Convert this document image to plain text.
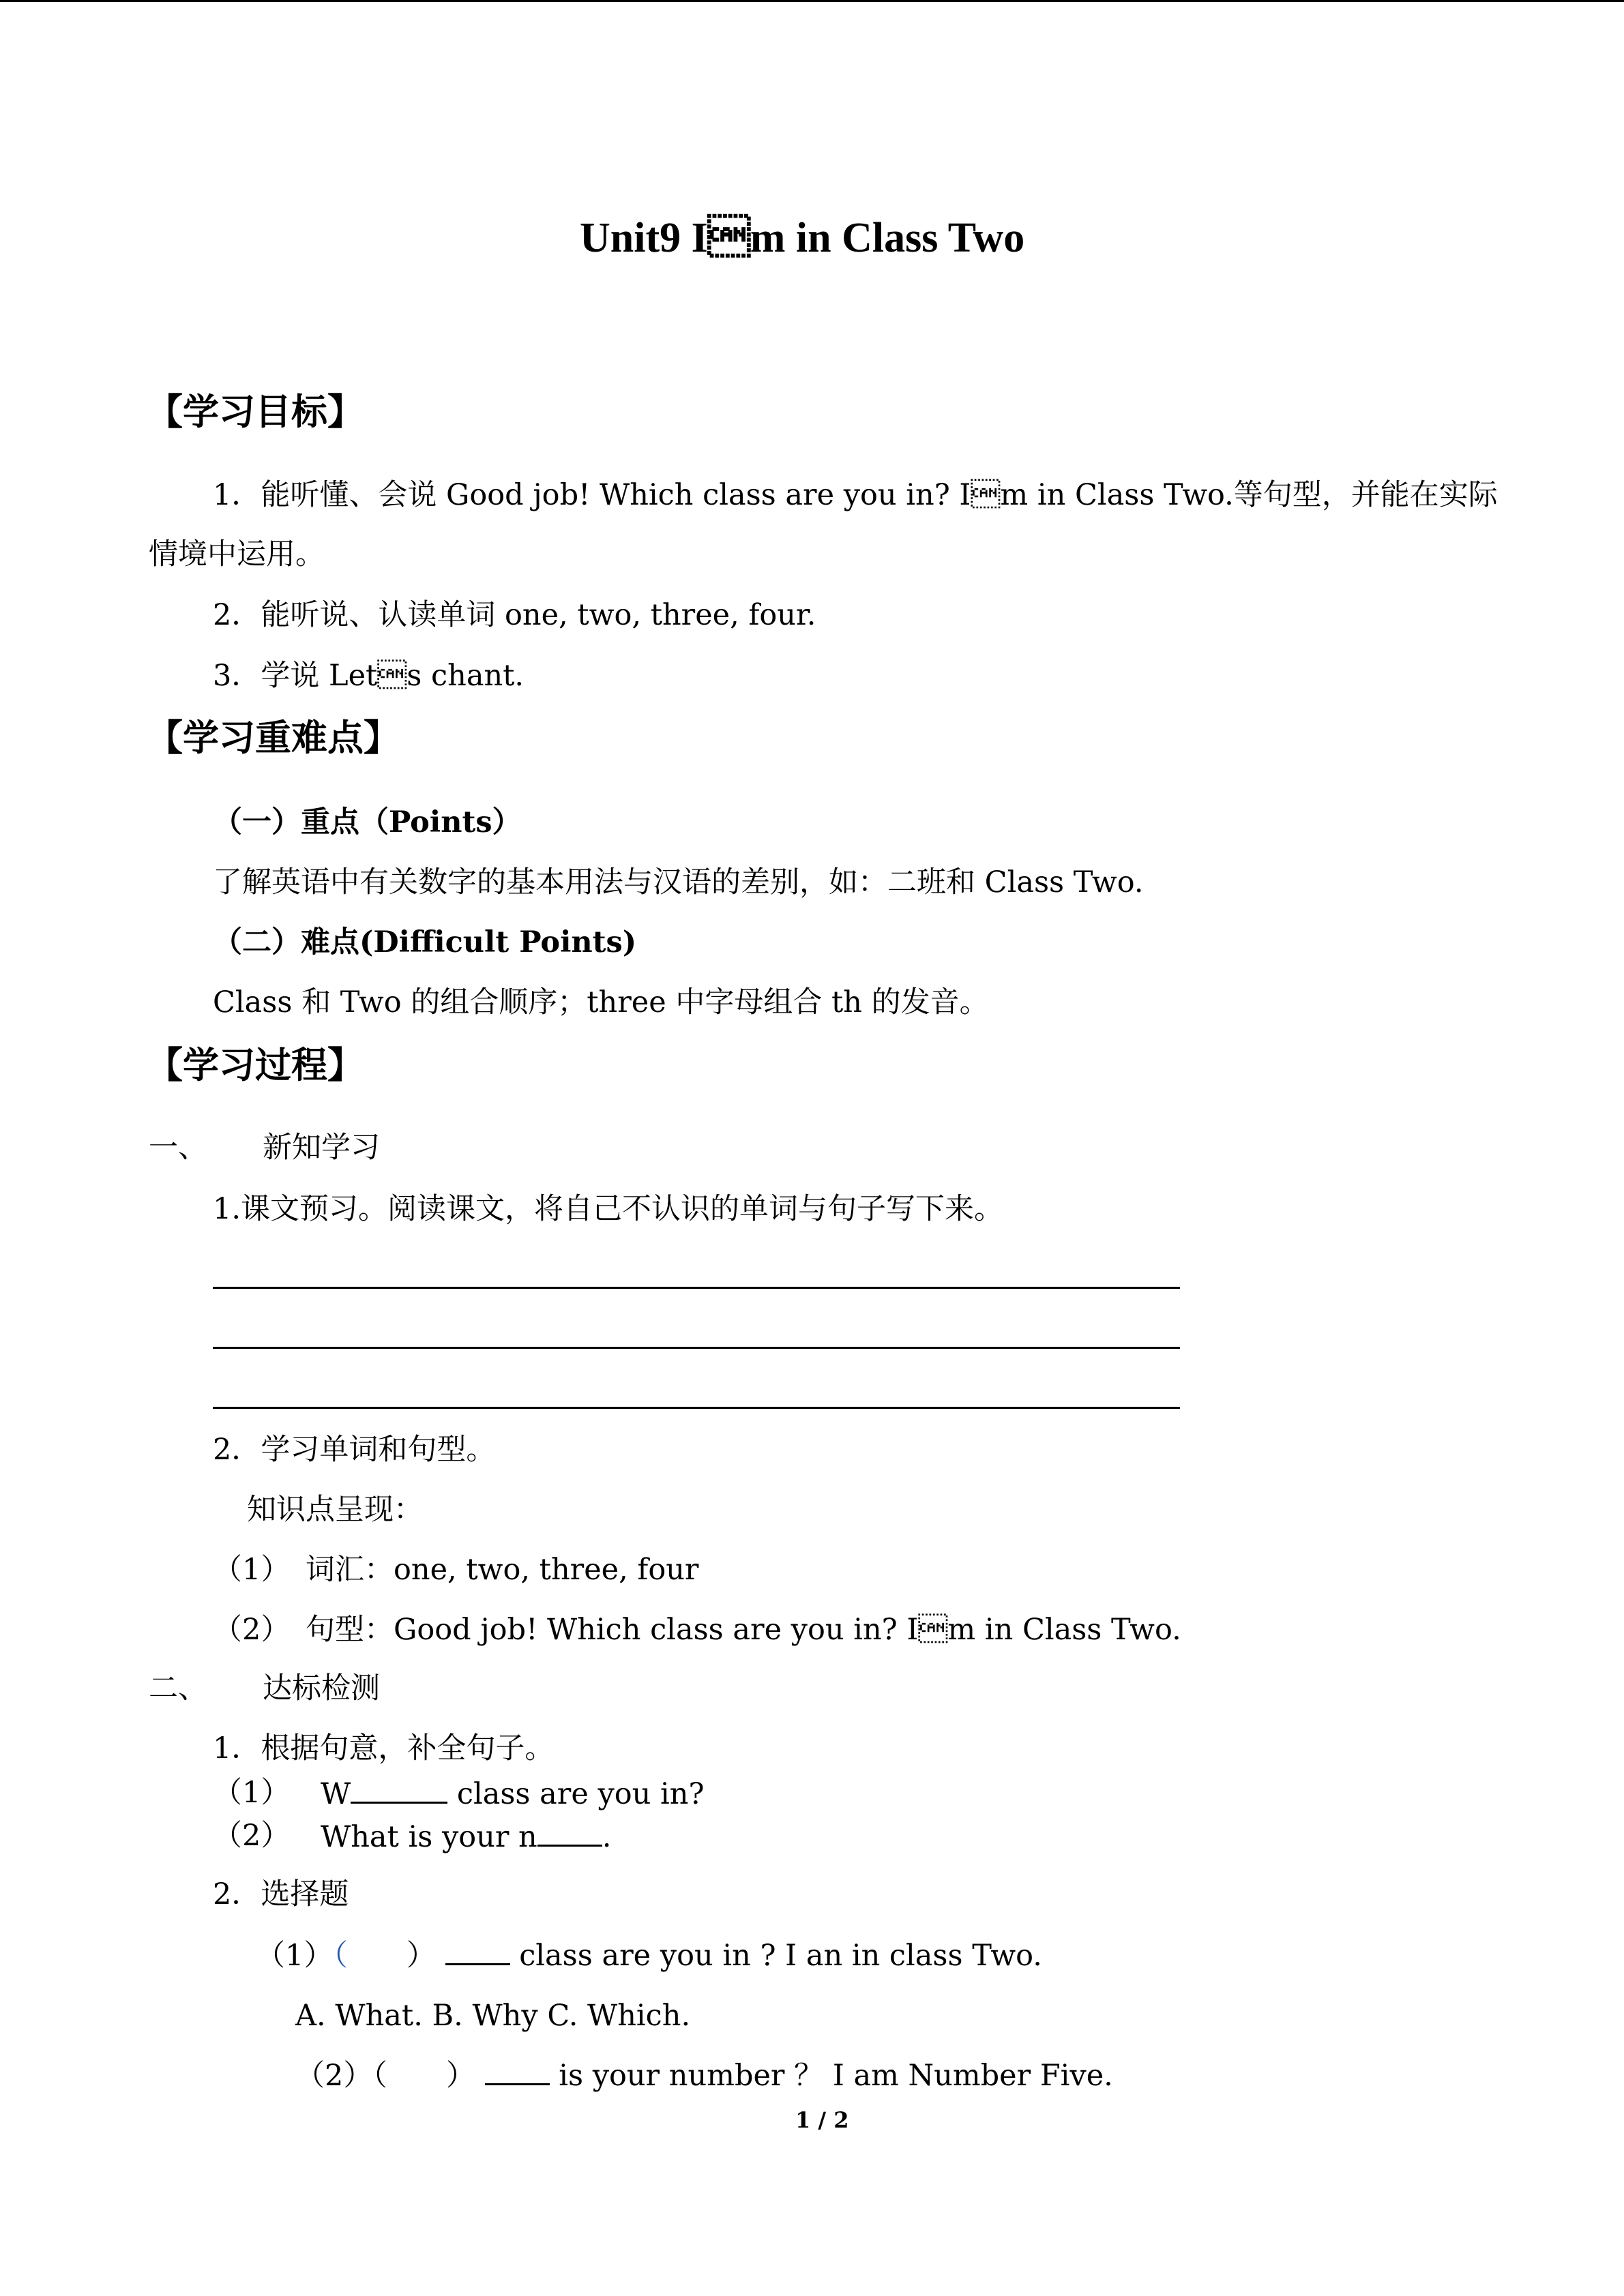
Unit9 Im in Class Two
【学习目标】
1．能听懂、会说 Good job! Which class are you in? Im in Class Two.等句型，并能在实际
情境中运用。
2．能听说、认读单词 one, two, three, four.
3．学说 Lets chant.
【学习重难点】
（一）重点（Points）
了解英语中有关数字的基本用法与汉语的差别，如：二班和 Class Two.
（二）难点(Difficult Points)
Class 和 Two 的组合顺序；three 中字母组合 th 的发音。
【学习过程】
一、 新知学习
1.课文预习。阅读课文，将自己不认识的单词与句子写下来。
2．学习单词和句型。
知识点呈现：
（1） 词汇：one, two, three, four
（2） 句型：Good job! Which class are you in? Im in Class Two.
二、 达标检测
1．根据句意，补全句子。
（1） W	class are you in?
（2） What is your n .
2．选择题
（1）（　　）	class are you in ? I an in class Two.
A. What. B. Why C. Which.
（2）（　　）	is your number ？ I am Number Five.
1 / 2
